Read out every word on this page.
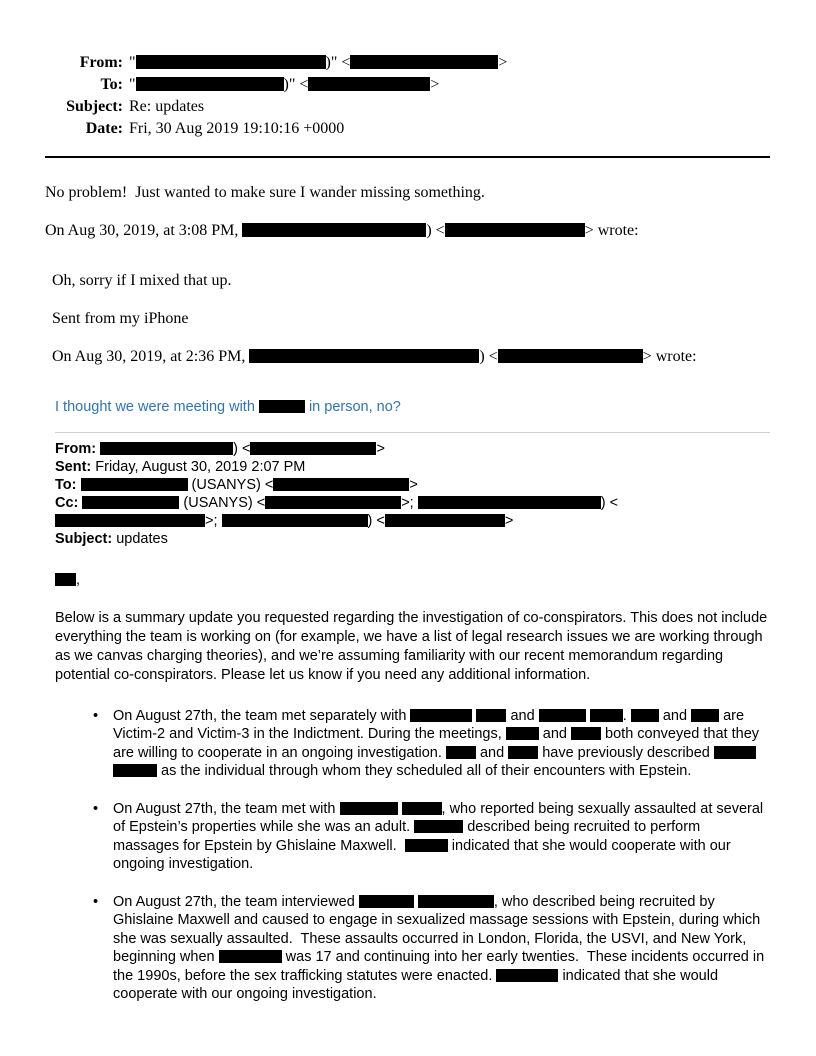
From: "	)" <	>
To: "	)" <	>
Subject: Re: updates
Date: Fri, 30 Aug 2019 19:10:16 +0000

No problem!  Just wanted to make sure I wander missing something.

On Aug 30, 2019, at 3:08 PM,	) <	> wrote:

Oh, sorry if I mixed that up.

Sent from my iPhone

On Aug 30, 2019, at 2:36 PM,	) <	> wrote:

I thought we were meeting with	in person, no?

From:	) <	>
Sent: Friday, August 30, 2019 2:07 PM
To:	(USANYS) <	>
Cc:	(USANYS) <	>;	) <>;	) <	>
Subject: updates

,

Below is a summary update you requested regarding the investigation of co-conspirators. This does not include everything the team is working on (for example, we have a list of legal research issues we are working through as we canvas charging theories), and we’re assuming familiarity with our recent memorandum regarding potential co-conspirators. Please let us know if you need any additional information.

• On August 27th, the team met separately with	and	.  and  are Victim-2 and Victim-3 in the Indictment. During the meetings,  and  both conveyed that they are willing to cooperate in an ongoing investigation.  and  have previously described   as the individual through whom they scheduled all of their encounters with Epstein.
• On August 27th, the team met with	, who reported being sexually assaulted at several of Epstein’s properties while she was an adult.	described being recruited to perform massages for Epstein by Ghislaine Maxwell.	indicated that she would cooperate with our ongoing investigation.
• On August 27th, the team interviewed	, who described being recruited by Ghislaine Maxwell and caused to engage in sexualized massage sessions with Epstein, during which she was sexually assaulted.  These assaults occurred in London, Florida, the USVI, and New York, beginning when	was 17 and continuing into her early twenties.  These incidents occurred in the 1990s, before the sex trafficking statutes were enacted.	indicated that she would cooperate with our ongoing investigation.
